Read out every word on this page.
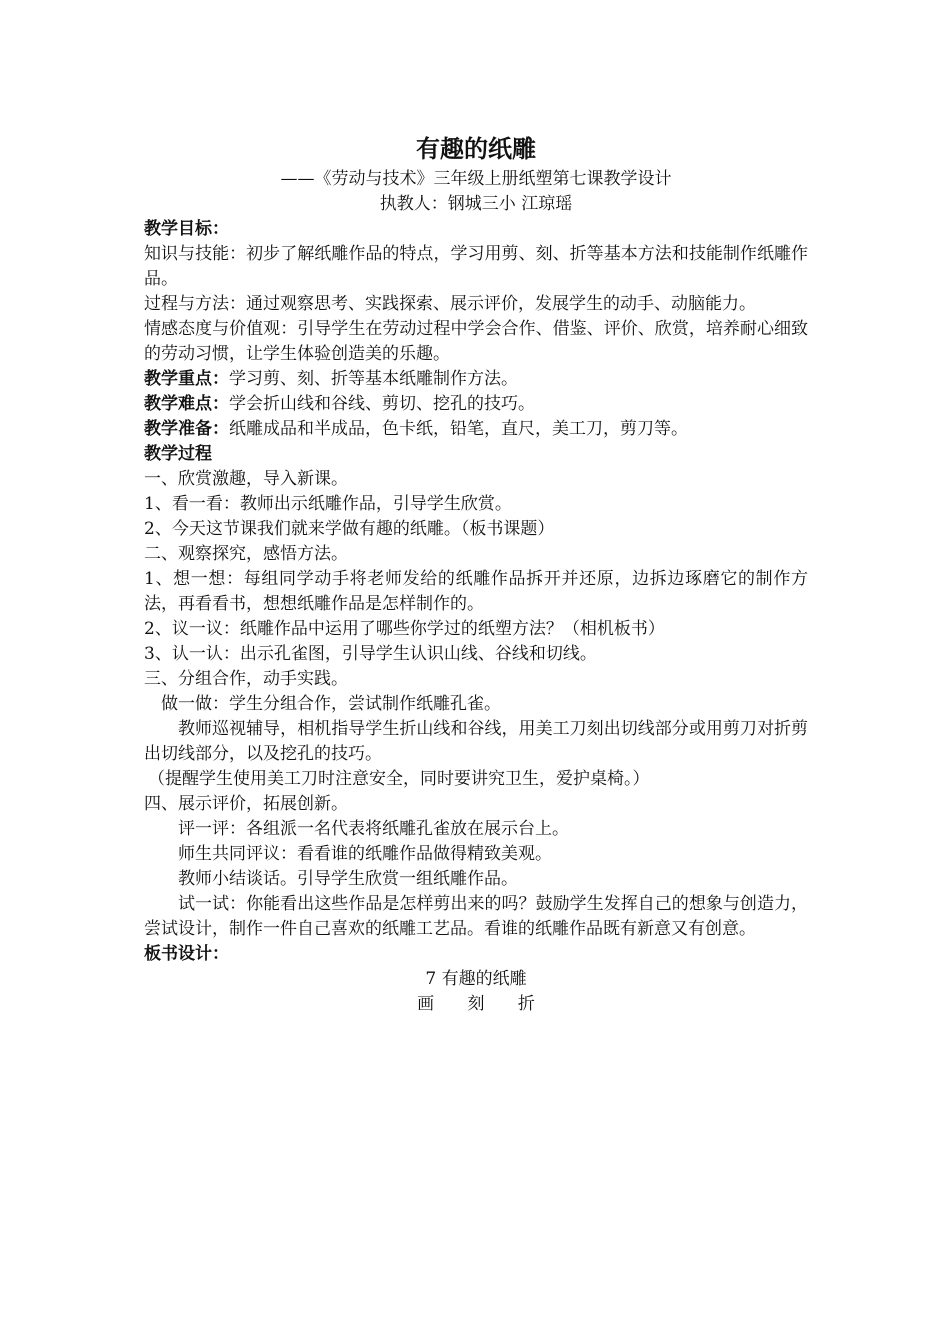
有趣的纸雕

——《劳动与技术》三年级上册纸塑第七课教学设计

执教人：钢城三小 江琼瑶

教学目标：

知识与技能：初步了解纸雕作品的特点，学习用剪、刻、折等基本方法和技能制作纸雕作品。

过程与方法：通过观察思考、实践探索、展示评价，发展学生的动手、动脑能力。

情感态度与价值观：引导学生在劳动过程中学会合作、借鉴、评价、欣赏，培养耐心细致的劳动习惯，让学生体验创造美的乐趣。

教学重点：学习剪、刻、折等基本纸雕制作方法。

教学难点：学会折山线和谷线、剪切、挖孔的技巧。

教学准备：纸雕成品和半成品，色卡纸，铅笔，直尺，美工刀，剪刀等。

教学过程

一、欣赏激趣，导入新课。

1、看一看：教师出示纸雕作品，引导学生欣赏。

2、今天这节课我们就来学做有趣的纸雕。（板书课题）

二、观察探究，感悟方法。

1、想一想：每组同学动手将老师发给的纸雕作品拆开并还原，边拆边琢磨它的制作方法，再看看书，想想纸雕作品是怎样制作的。

2、议一议：纸雕作品中运用了哪些你学过的纸塑方法？（相机板书）

3、认一认：出示孔雀图，引导学生认识山线、谷线和切线。

三、分组合作，动手实践。

做一做：学生分组合作，尝试制作纸雕孔雀。

教师巡视辅导，相机指导学生折山线和谷线，用美工刀刻出切线部分或用剪刀对折剪出切线部分，以及挖孔的技巧。

（提醒学生使用美工刀时注意安全，同时要讲究卫生，爱护桌椅。）

四、展示评价，拓展创新。

评一评：各组派一名代表将纸雕孔雀放在展示台上。

师生共同评议：看看谁的纸雕作品做得精致美观。

教师小结谈话。引导学生欣赏一组纸雕作品。

试一试：你能看出这些作品是怎样剪出来的吗？鼓励学生发挥自己的想象与创造力，尝试设计，制作一件自己喜欢的纸雕工艺品。看谁的纸雕作品既有新意又有创意。

板书设计：

7 有趣的纸雕

画 刻 折
